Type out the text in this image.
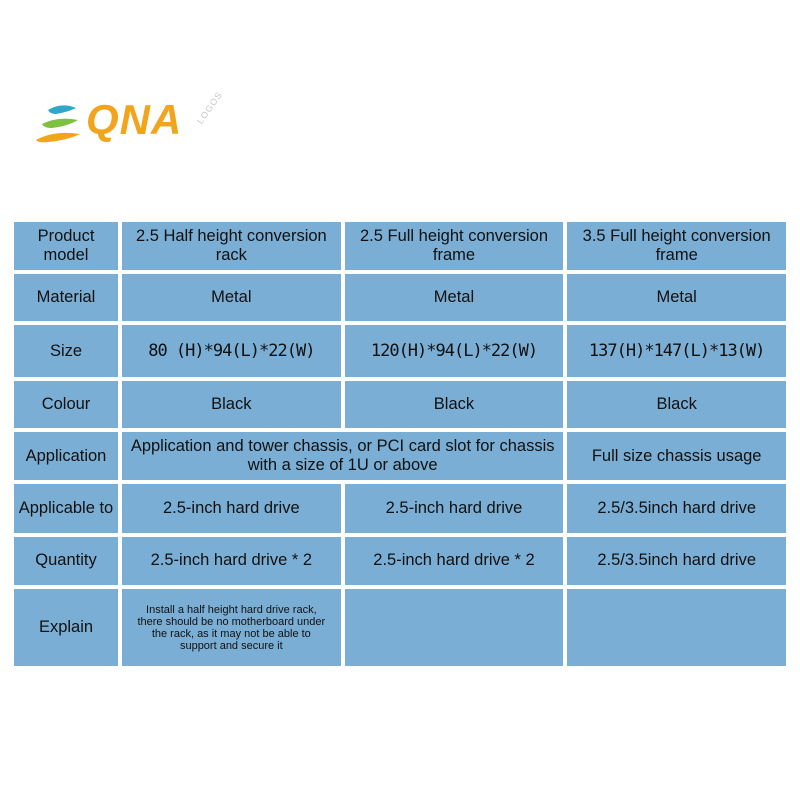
QNA LOGOS
Product model	2.5 Half height conversion rack	2.5 Full height conversion frame	3.5 Full height conversion frame
Material	Metal	Metal	Metal
Size	80 (H)*94(L)*22(W)	120(H)*94(L)*22(W)	137(H)*147(L)*13(W)
Colour	Black	Black	Black
Application	Application and tower chassis, or PCI card slot for chassis with a size of 1U or above		Full size chassis usage
Applicable to	2.5-inch hard drive	2.5-inch hard drive	2.5/3.5inch hard drive
Quantity	2.5-inch hard drive * 2	2.5-inch hard drive * 2	2.5/3.5inch hard drive
Explain	Install a half height hard drive rack, there should be no motherboard under the rack, as it may not be able to support and secure it		
